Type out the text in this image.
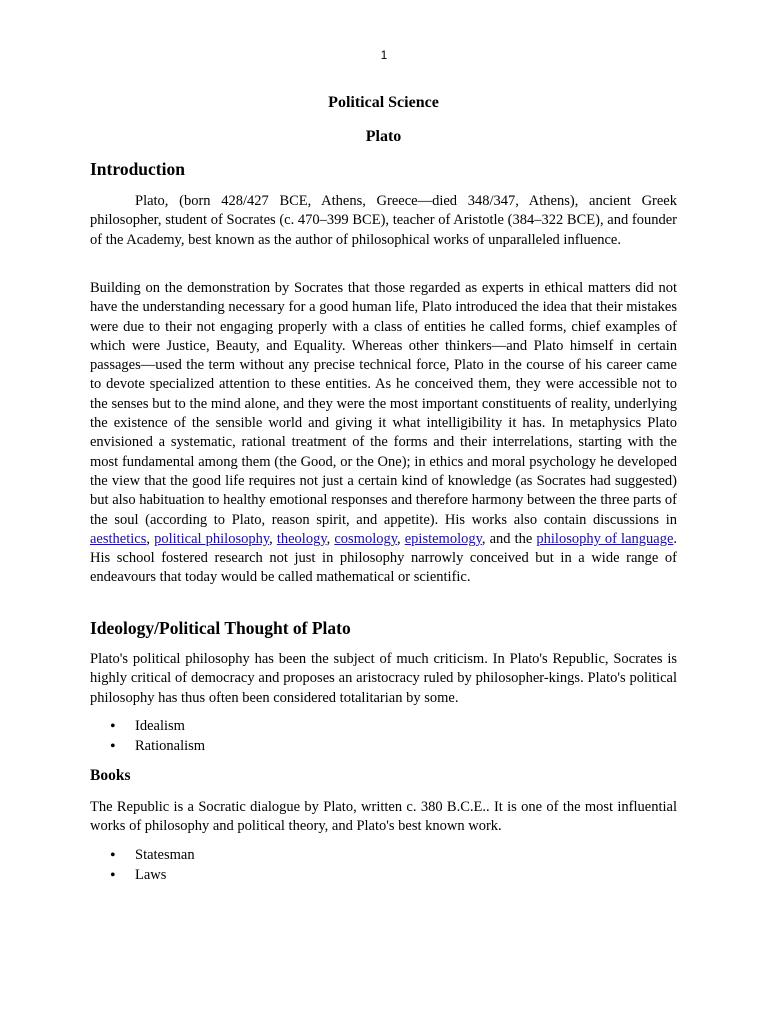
1
Political Science
Plato
Introduction

Plato, (born 428/427 BCE, Athens, Greece—died 348/347, Athens), ancient Greek philosopher, student of Socrates (c. 470–399 BCE), teacher of Aristotle (384–322 BCE), and founder of the Academy, best known as the author of philosophical works of unparalleled influence.

Building on the demonstration by Socrates that those regarded as experts in ethical matters did not have the understanding necessary for a good human life, Plato introduced the idea that their mistakes were due to their not engaging properly with a class of entities he called forms, chief examples of which were Justice, Beauty, and Equality. Whereas other thinkers—and Plato himself in certain passages—used the term without any precise technical force, Plato in the course of his career came to devote specialized attention to these entities. As he conceived them, they were accessible not to the senses but to the mind alone, and they were the most important constituents of reality, underlying the existence of the sensible world and giving it what intelligibility it has. In metaphysics Plato envisioned a systematic, rational treatment of the forms and their interrelations, starting with the most fundamental among them (the Good, or the One); in ethics and moral psychology he developed the view that the good life requires not just a certain kind of knowledge (as Socrates had suggested) but also habituation to healthy emotional responses and therefore harmony between the three parts of the soul (according to Plato, reason spirit, and appetite). His works also contain discussions in aesthetics, political philosophy, theology, cosmology, epistemology, and the philosophy of language. His school fostered research not just in philosophy narrowly conceived but in a wide range of endeavours that today would be called mathematical or scientific.

Ideology/Political Thought of Plato

Plato's political philosophy has been the subject of much criticism. In Plato's Republic, Socrates is highly critical of democracy and proposes an aristocracy ruled by philosopher-kings. Plato's political philosophy has thus often been considered totalitarian by some.

• Idealism
• Rationalism
Books

The Republic is a Socratic dialogue by Plato, written c. 380 B.C.E.. It is one of the most influential works of philosophy and political theory, and Plato's best known work.

• Statesman
• Laws
